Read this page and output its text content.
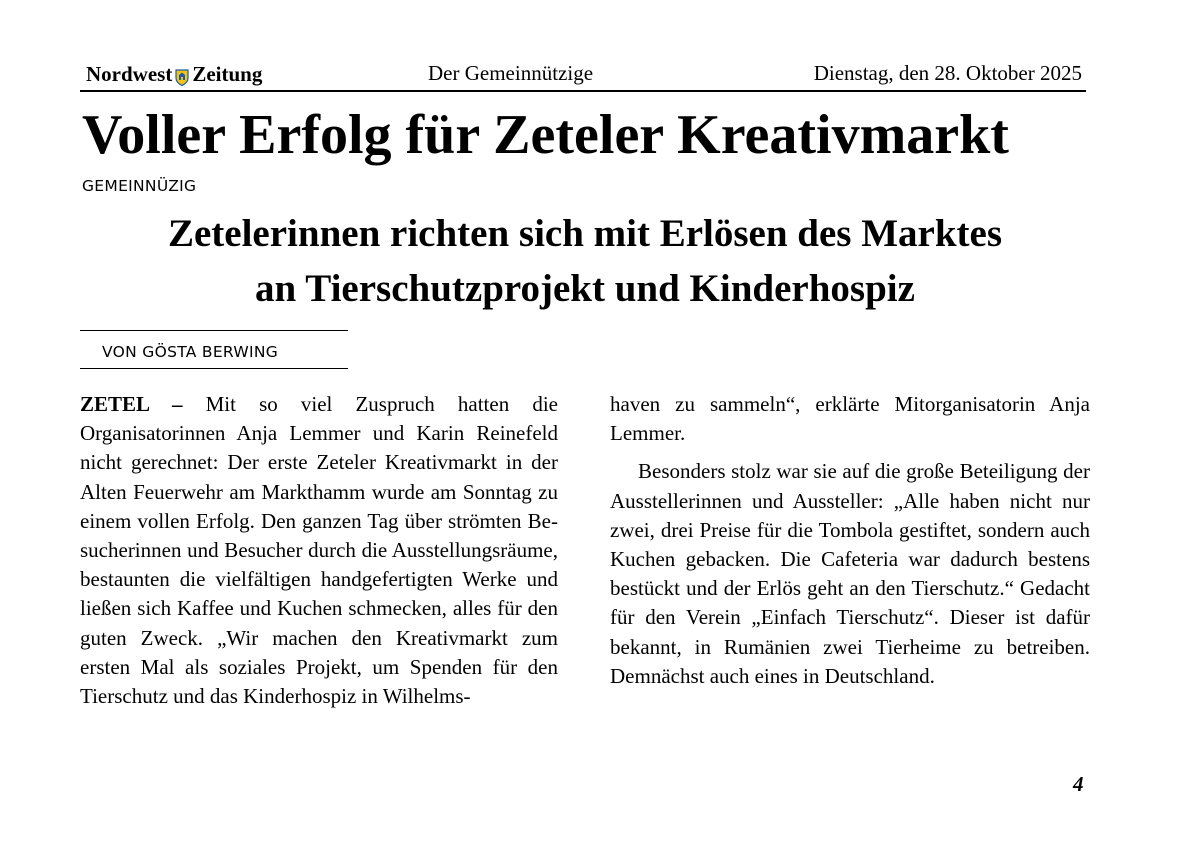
Nordwest Zeitung	Der Gemeinnützige	Dienstag, den 28. Oktober 2025
Voller Erfolg für Zeteler Kreativmarkt
GEMEINNÜZIG
Zetelerinnen richten sich mit Erlösen des Marktes
an Tierschutzprojekt und Kinderhospiz
VON GÖSTA BERWING

ZETEL – Mit so viel Zuspruch hatten die Organisatorinnen Anja Lemmer und Karin Reinefeld nicht gerechnet: Der erste Zeteler Kreativmarkt in der Alten Feuerwehr am Markthamm wurde am Sonntag zu einem vollen Erfolg. Den ganzen Tag über strömten Besucherinnen und Besucher durch die Ausstellungsräume, bestaunten die vielfältigen handgefertigten Werke und ließen sich Kaffee und Kuchen schmecken, alles für den guten Zweck. „Wir machen den Kreativmarkt zum ersten Mal als soziales Projekt, um Spenden für den Tierschutz und das Kinderhospiz in Wilhelms-

haven zu sammeln“, erklärte Mitorganisatorin Anja Lemmer.

Besonders stolz war sie auf die große Beteiligung der Ausstellerinnen und Aussteller: „Alle haben nicht nur zwei, drei Preise für die Tombola gestiftet, sondern auch Kuchen gebacken. Die Cafeteria war dadurch bestens bestückt und der Erlös geht an den Tierschutz.“ Gedacht für den Verein „Einfach Tierschutz“. Dieser ist dafür bekannt, in Rumänien zwei Tierheime zu betreiben. Demnächst auch eines in Deutschland.

4
